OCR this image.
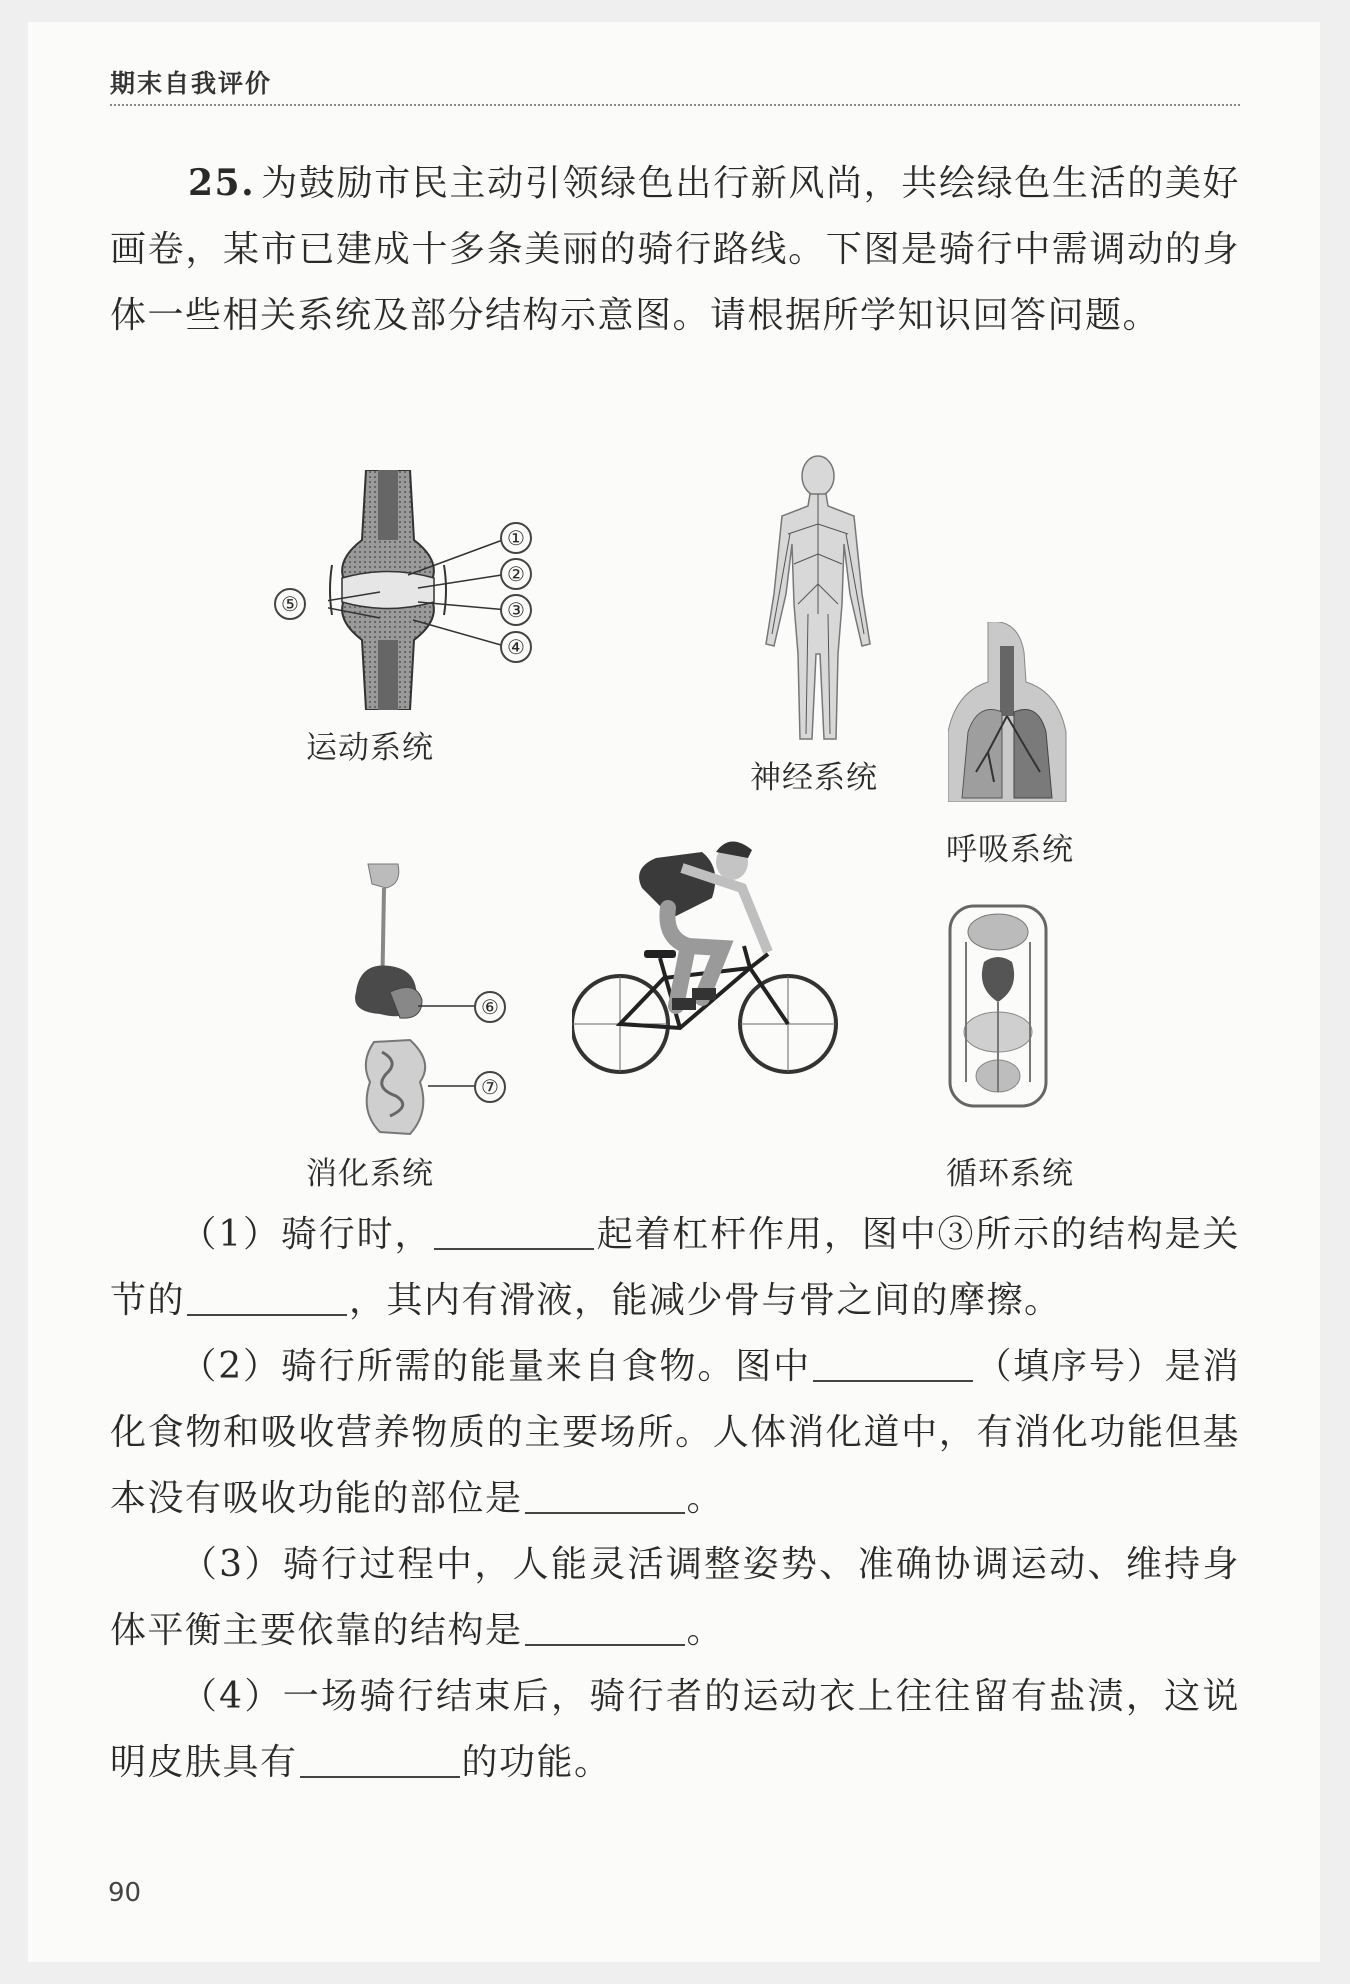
期末自我评价

25. 为鼓励市民主动引领绿色出行新风尚，共绘绿色生活的美好画卷，某市已建成十多条美丽的骑行路线。下图是骑行中需调动的身体一些相关系统及部分结构示意图。请根据所学知识回答问题。

①
②
③
④
⑤
运动系统
神经系统
呼吸系统
⑥
⑦
消化系统	循环系统

（1）骑行时，	起着杠杆作用，图中③所示的结构是关节的	，其内有滑液，能减少骨与骨之间的摩擦。

（2）骑行所需的能量来自食物。图中	（填序号）是消化食物和吸收营养物质的主要场所。人体消化道中，有消化功能但基本没有吸收功能的部位是	。

（3）骑行过程中，人能灵活调整姿势、准确协调运动、维持身体平衡主要依靠的结构是	。

（4）一场骑行结束后，骑行者的运动衣上往往留有盐渍，这说明皮肤具有	的功能。

90
